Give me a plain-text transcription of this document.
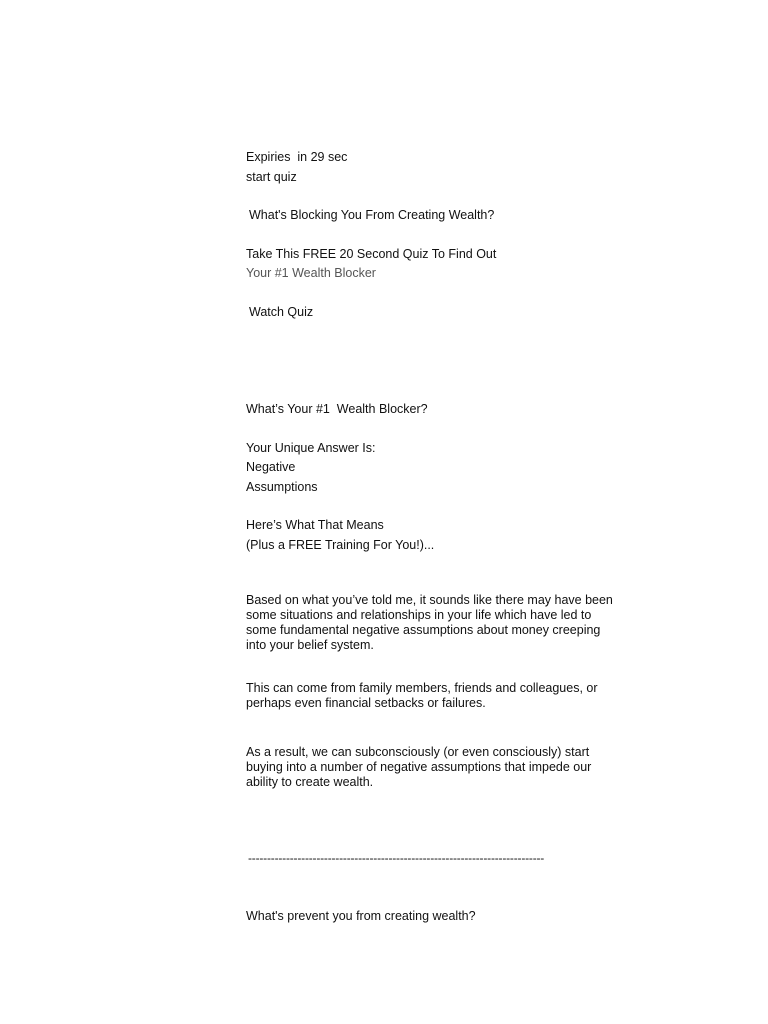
Expiries  in 29 sec
start quiz
What's Blocking You From Creating Wealth?
Take This FREE 20 Second Quiz To Find Out
Your #1 Wealth Blocker
Watch Quiz
What’s Your #1  Wealth Blocker?
Your Unique Answer Is:
Negative
Assumptions
Here’s What That Means
(Plus a FREE Training For You!)...
Based on what you’ve told me, it sounds like there may have been some situations and relationships in your life which have led to some fundamental negative assumptions about money creeping into your belief system.
This can come from family members, friends and colleagues, or perhaps even financial setbacks or failures.
As a result, we can subconsciously (or even consciously) start buying into a number of negative assumptions that impede our ability to create wealth.
------------------------------------------------------------------------------
What's prevent you from creating wealth?
